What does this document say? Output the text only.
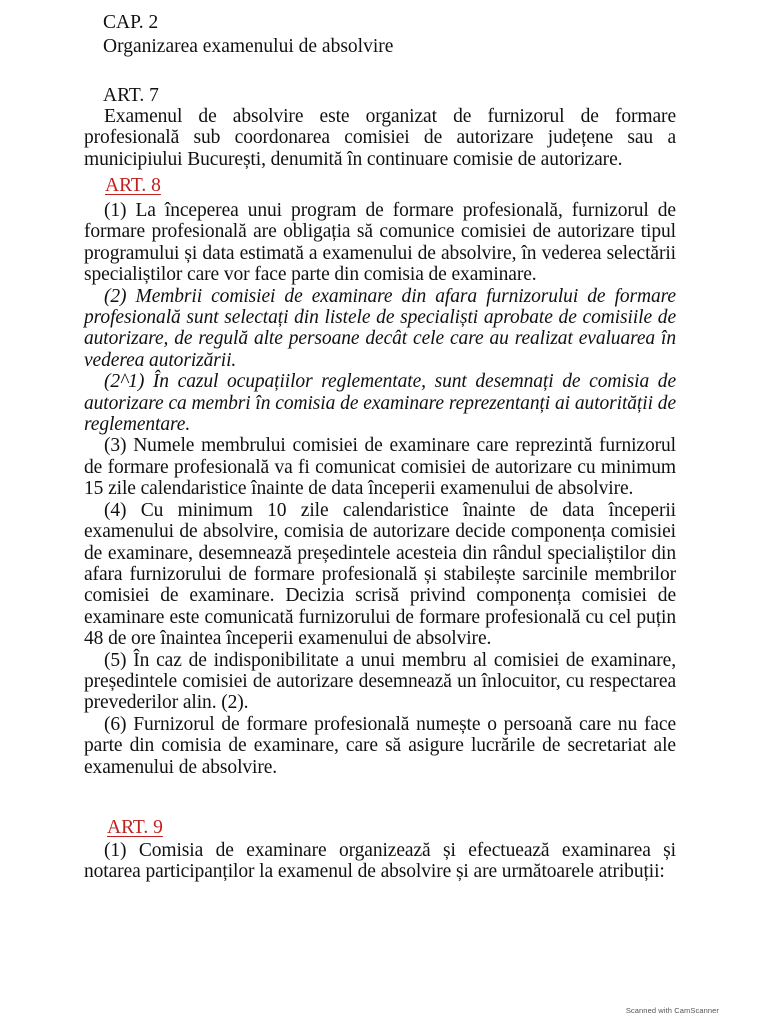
CAP. 2
Organizarea examenului de absolvire
ART. 7

Examenul de absolvire este organizat de furnizorul de formare profesională sub coordonarea comisiei de autorizare județene sau a municipiului București, denumită în continuare comisie de autorizare.

ART. 8

(1) La începerea unui program de formare profesională, furnizorul de formare profesională are obligația să comunice comisiei de autorizare tipul programului și data estimată a examenului de absolvire, în vederea selectării specialiștilor care vor face parte din comisia de examinare.

(2) Membrii comisiei de examinare din afara furnizorului de formare profesională sunt selectați din listele de specialiști aprobate de comisiile de autorizare, de regulă alte persoane decât cele care au realizat evaluarea în vederea autorizării.

(2^1) În cazul ocupațiilor reglementate, sunt desemnați de comisia de autorizare ca membri în comisia de examinare reprezentanți ai autorității de reglementare.

(3) Numele membrului comisiei de examinare care reprezintă furnizorul de formare profesională va fi comunicat comisiei de autorizare cu minimum 15 zile calendaristice înainte de data începerii examenului de absolvire.

(4) Cu minimum 10 zile calendaristice înainte de data începerii examenului de absolvire, comisia de autorizare decide componența comisiei de examinare, desemnează președintele acesteia din rândul specialiștilor din afara furnizorului de formare profesională și stabilește sarcinile membrilor comisiei de examinare. Decizia scrisă privind componența comisiei de examinare este comunicată furnizorului de formare profesională cu cel puțin 48 de ore înaintea începerii examenului de absolvire.

(5) În caz de indisponibilitate a unui membru al comisiei de examinare, președintele comisiei de autorizare desemnează un înlocuitor, cu respectarea prevederilor alin. (2).

(6) Furnizorul de formare profesională numește o persoană care nu face parte din comisia de examinare, care să asigure lucrările de secretariat ale examenului de absolvire.

ART. 9

(1) Comisia de examinare organizează și efectuează examinarea și notarea participanților la examenul de absolvire și are următoarele atribuții:

Scanned with CamScanner
